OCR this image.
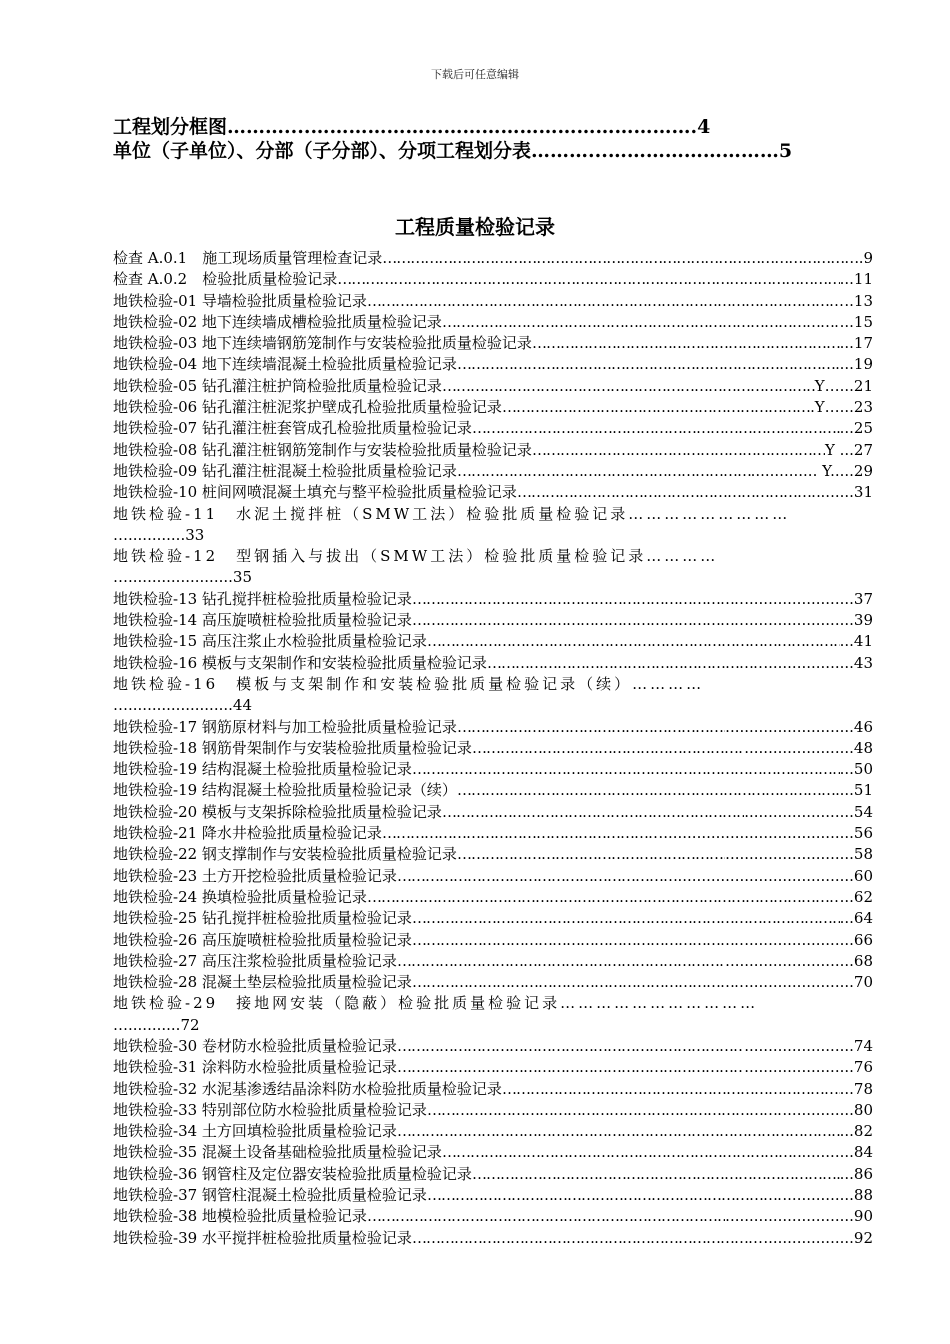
下载后可任意编辑
工程划分框图………....…………………………………………………….4
单位（子单位）、分部（子分部）、分项工程划分表………...………………………5
工程质量检验记录
检查 A.0.1　施工现场质量管理检查记录 ………………………………………………………………………………………………………………………………………………………………	.9
检查 A.0.2　检验批质量检验记录 ………………………………………………………………………………………………………………………………………………………………	...11
地铁检验-01 导墙检验批质量检验记录 ………………………………………………………………………………………………………………………………………………………………	..13
地铁检验-02 地下连续墙成槽检验批质量检验记录 ………………………………………………………………………………………………………………………………………………………………	...15
地铁检验-03 地下连续墙钢筋笼制作与安装检验批质量检验记录 ………………………………………………………………………………………………………………………………………………………………	...17
地铁检验-04 地下连续墙混凝土检验批质量检验记录 ………………………………………………………………………………………………………………………………………………………………	...19
地铁检验-05 钻孔灌注桩护筒检验批质量检验记录 ………………………………………………………………………………………………………………………………………………………………	Y…...21
地铁检验-06 钻孔灌注桩泥浆护壁成孔检验批质量检验记录 ………………………………………………………………………………………………………………………………………………………………	Y…...23
地铁检验-07 钻孔灌注桩套管成孔检验批质量检验记录 ………………………………………………………………………………………………………………………………………………………………	...25
地铁检验-08 钻孔灌注桩钢筋笼制作与安装检验批质量检验记录 ………………………………………………………………………………………………………………………………………………………………	Y ...27
地铁检验-09 钻孔灌注桩混凝土检验批质量检验记录 ………………………………………………………………………………………………………………………………………………………………	.............. Y.....29
地铁检验-10 桩间网喷混凝土填充与整平检验批质量检验记录 ………………………………………………………………………………………………………………………………………………………………	.......31
地铁检验-11　水泥土搅拌桩（SMW工法）检验批质量检验记录………………………
…............33
地铁检验-12　型钢插入与拔出（SMW工法）检验批质量检验记录…………
…......................35
地铁检验-13 钻孔搅拌桩检验批质量检验记录 ………………………………………………………………………………………………………………………………………………………………	.......................37
地铁检验-14 高压旋喷桩检验批质量检验记录 ………………………………………………………………………………………………………………………………………………………………	.......................39
地铁检验-15 高压注浆止水检验批质量检验记录 ………………………………………………………………………………………………………………………………………………………………	...41
地铁检验-16 模板与支架制作和安装检验批质量检验记录 ………………………………………………………………………………………………………………………………………………………………	...................43
地铁检验-16　模板与支架制作和安装检验批质量检验记录（续）…………
…......................44
地铁检验-17 钢筋原材料与加工检验批质量检验记录 ………………………………………………………………………………………………………………………………………………………………	...........................46
地铁检验-18 钢筋骨架制作与安装检验批质量检验记录 ………………………………………………………………………………………………………………………………………………………………	.......................48
地铁检验-19 结构混凝土检验批质量检验记录 ………………………………………………………………………………………………………………………………………………………………	...50
地铁检验-19 结构混凝土检验批质量检验记录（续） ………………………………………………………………………………………………………………………………………………………………	...51
地铁检验-20 模板与支架拆除检验批质量检验记录 ………………………………………………………………………………………………………………………………………………………………	.......................54
地铁检验-21 降水井检验批质量检验记录 ………………………………………………………………………………………………………………………………………………………………	.........................................56
地铁检验-22 钢支撑制作与安装检验批质量检验记录 ………………………………………………………………………………………………………………………………………………………………	...........................58
地铁检验-23 土方开挖检验批质量检验记录 ………………………………………………………………………………………………………………………………………………………………	.....................................60
地铁检验-24 换填检验批质量检验记录 ………………………………………………………………………………………………………………………………………………………………	...62
地铁检验-25 钻孔搅拌桩检验批质量检验记录 ………………………………………………………………………………………………………………………………………………………………	...64
地铁检验-26 高压旋喷桩检验批质量检验记录 ………………………………………………………………………………………………………………………………………………………………	.......................66
地铁检验-27 高压注浆检验批质量检验记录 ………………………………………………………………………………………………………………………………………………………………	...........................68
地铁检验-28 混凝土垫层检验批质量检验记录 ………………………………………………………………………………………………………………………………………………………………	.......................70
地铁检验-29　接地网安装（隐蔽）检验批质量检验记录……………………………
…...........72
地铁检验-30 卷材防水检验批质量检验记录 ………………………………………………………………………………………………………………………………………………………………	.......................74
地铁检验-31 涂料防水检验批质量检验记录 ………………………………………………………………………………………………………………………………………………………………	.......................76
地铁检验-32 水泥基渗透结晶涂料防水检验批质量检验记录 ………………………………………………………………………………………………………………………………………………………………	...78
地铁检验-33 特别部位防水检验批质量检验记录 ………………………………………………………………………………………………………………………………………………………………	...............80
地铁检验-34 土方回填检验批质量检验记录 ………………………………………………………………………………………………………………………………………………………………	...82
地铁检验-35 混凝土设备基础检验批质量检验记录 ………………………………………………………………………………………………………………………………………………………………	...........84
地铁检验-36 钢管柱及定位器安装检验批质量检验记录 ………………………………………………………………………………………………………………………………………………………………	...86
地铁检验-37 钢管柱混凝土检验批质量检验记录 ………………………………………………………………………………………………………………………………………………………………	...............88
地铁检验-38 地模检验批质量检验记录 ………………………………………………………………………………………………………………………………………………………………	...........................90
地铁检验-39 水平搅拌桩检验批质量检验记录 ………………………………………………………………………………………………………………………………………………………………	...................92
